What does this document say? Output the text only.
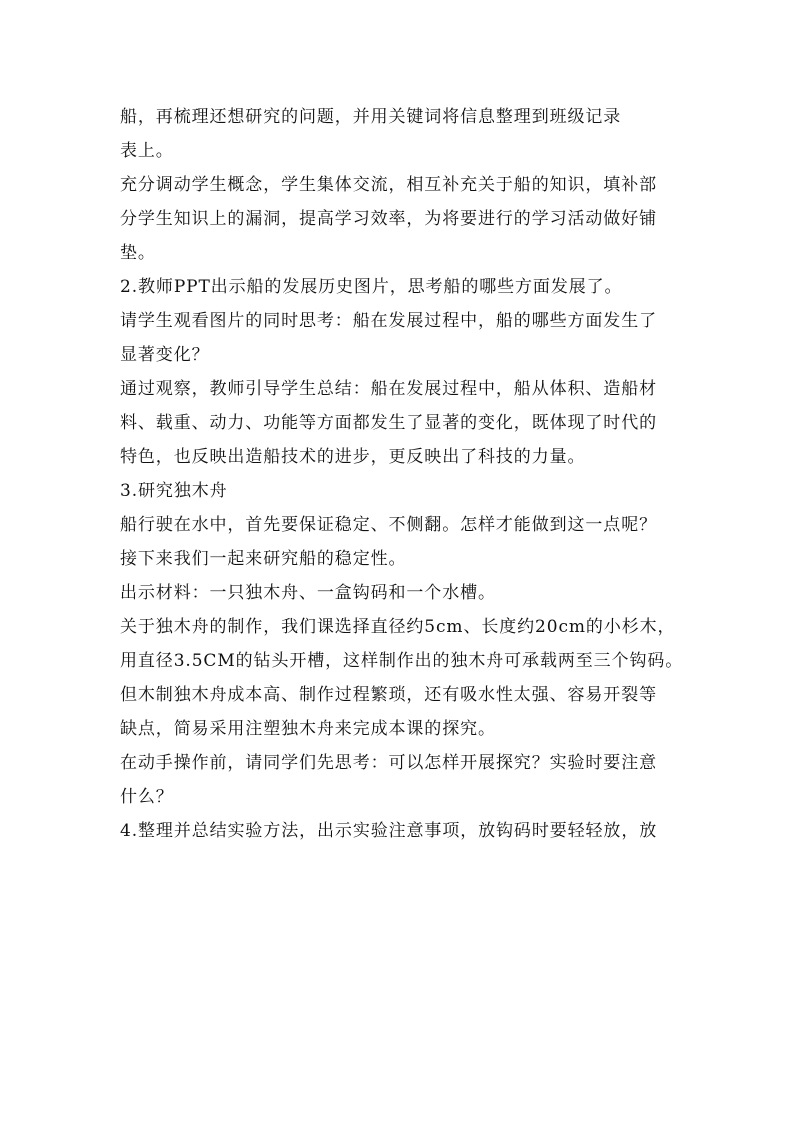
船，再梳理还想研究的问题，并用关键词将信息整理到班级记录
表上。
充分调动学生概念，学生集体交流，相互补充关于船的知识，填补部
分学生知识上的漏洞，提高学习效率，为将要进行的学习活动做好铺
垫。
2.教师PPT出示船的发展历史图片，思考船的哪些方面发展了。
请学生观看图片的同时思考：船在发展过程中，船的哪些方面发生了
显著变化？
通过观察，教师引导学生总结：船在发展过程中，船从体积、造船材
料、载重、动力、功能等方面都发生了显著的变化，既体现了时代的
特色，也反映出造船技术的进步，更反映出了科技的力量。
3.研究独木舟
船行驶在水中，首先要保证稳定、不侧翻。怎样才能做到这一点呢？
接下来我们一起来研究船的稳定性。
出示材料：一只独木舟、一盒钩码和一个水槽。
关于独木舟的制作，我们课选择直径约5cm、长度约20cm的小杉木，
用直径3.5CM的钻头开槽，这样制作出的独木舟可承载两至三个钩码。
但木制独木舟成本高、制作过程繁琐，还有吸水性太强、容易开裂等
缺点，简易采用注塑独木舟来完成本课的探究。
在动手操作前，请同学们先思考：可以怎样开展探究？实验时要注意
什么？
4.整理并总结实验方法，出示实验注意事项，放钩码时要轻轻放，放
